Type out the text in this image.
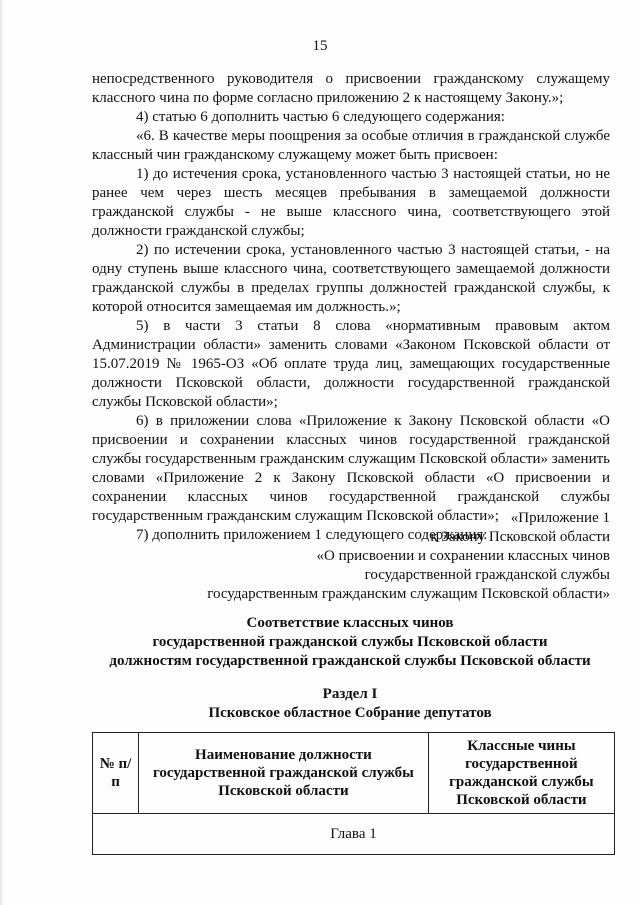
15

непосредственного руководителя о присвоении гражданскому служащему классного чина по форме согласно приложению 2 к настоящему Закону.»;

4) статью 6 дополнить частью 6 следующего содержания:

«6. В качестве меры поощрения за особые отличия в гражданской службе классный чин гражданскому служащему может быть присвоен:

1) до истечения срока, установленного частью 3 настоящей статьи, но не ранее чем через шесть месяцев пребывания в замещаемой должности гражданской службы - не выше классного чина, соответствующего этой должности гражданской службы;

2) по истечении срока, установленного частью 3 настоящей статьи, - на одну ступень выше классного чина, соответствующего замещаемой должности гражданской службы в пределах группы должностей гражданской службы, к которой относится замещаемая им должность.»;

5) в части 3 статьи 8 слова «нормативным правовым актом Администрации области» заменить словами «Законом Псковской области от 15.07.2019 № 1965-ОЗ «Об оплате труда лиц, замещающих государственные должности Псковской области, должности государственной гражданской службы Псковской области»;

6) в приложении слова «Приложение к Закону Псковской области «О присвоении и сохранении классных чинов государственной гражданской службы государственным гражданским служащим Псковской области» заменить словами «Приложение 2 к Закону Псковской области «О присвоении и сохранении классных чинов государственной гражданской службы государственным гражданским служащим Псковской области»;

7) дополнить приложением 1 следующего содержания:

«Приложение 1
к Закону Псковской области
«О присвоении и сохранении классных чинов
государственной гражданской службы
государственным гражданским служащим Псковской области»
Соответствие классных чинов
государственной гражданской службы Псковской области
должностям государственной гражданской службы Псковской области
Раздел I
Псковское областное Собрание депутатов
№ п/п	Наименование должности государственной гражданской службы Псковской области	Классные чины государственной гражданской службы Псковской области
Глава 1
